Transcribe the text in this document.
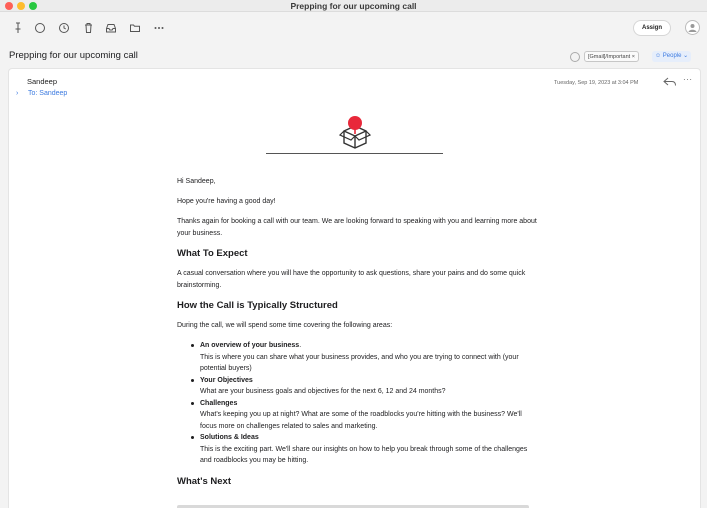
Prepping for our upcoming call
Assign
Prepping for our upcoming call	[Gmail]/Important ×	☺ People ⌄
Sandeep
› To: Sandeep
Tuesday, Sep 19, 2023 at 3:04 PM	···

Hi Sandeep,

Hope you're having a good day!

Thanks again for booking a call with our team. We are looking forward to speaking with you and learning more about your business.

What To Expect

A casual conversation where you will have the opportunity to ask questions, share your pains and do some quick brainstorming.

How the Call is Typically Structured

During the call, we will spend some time covering the following areas:

An overview of your business.
This is where you can share what your business provides, and who you are trying to connect with (your potential buyers)
Your Objectives
What are your business goals and objectives for the next 6, 12 and 24 months?
Challenges
What's keeping you up at night? What are some of the roadblocks you're hitting with the business? We'll focus more on challenges related to sales and marketing.
Solutions & Ideas
This is the exciting part. We'll share our insights on how to help you break through some of the challenges and roadblocks you may be hitting.
What's Next
